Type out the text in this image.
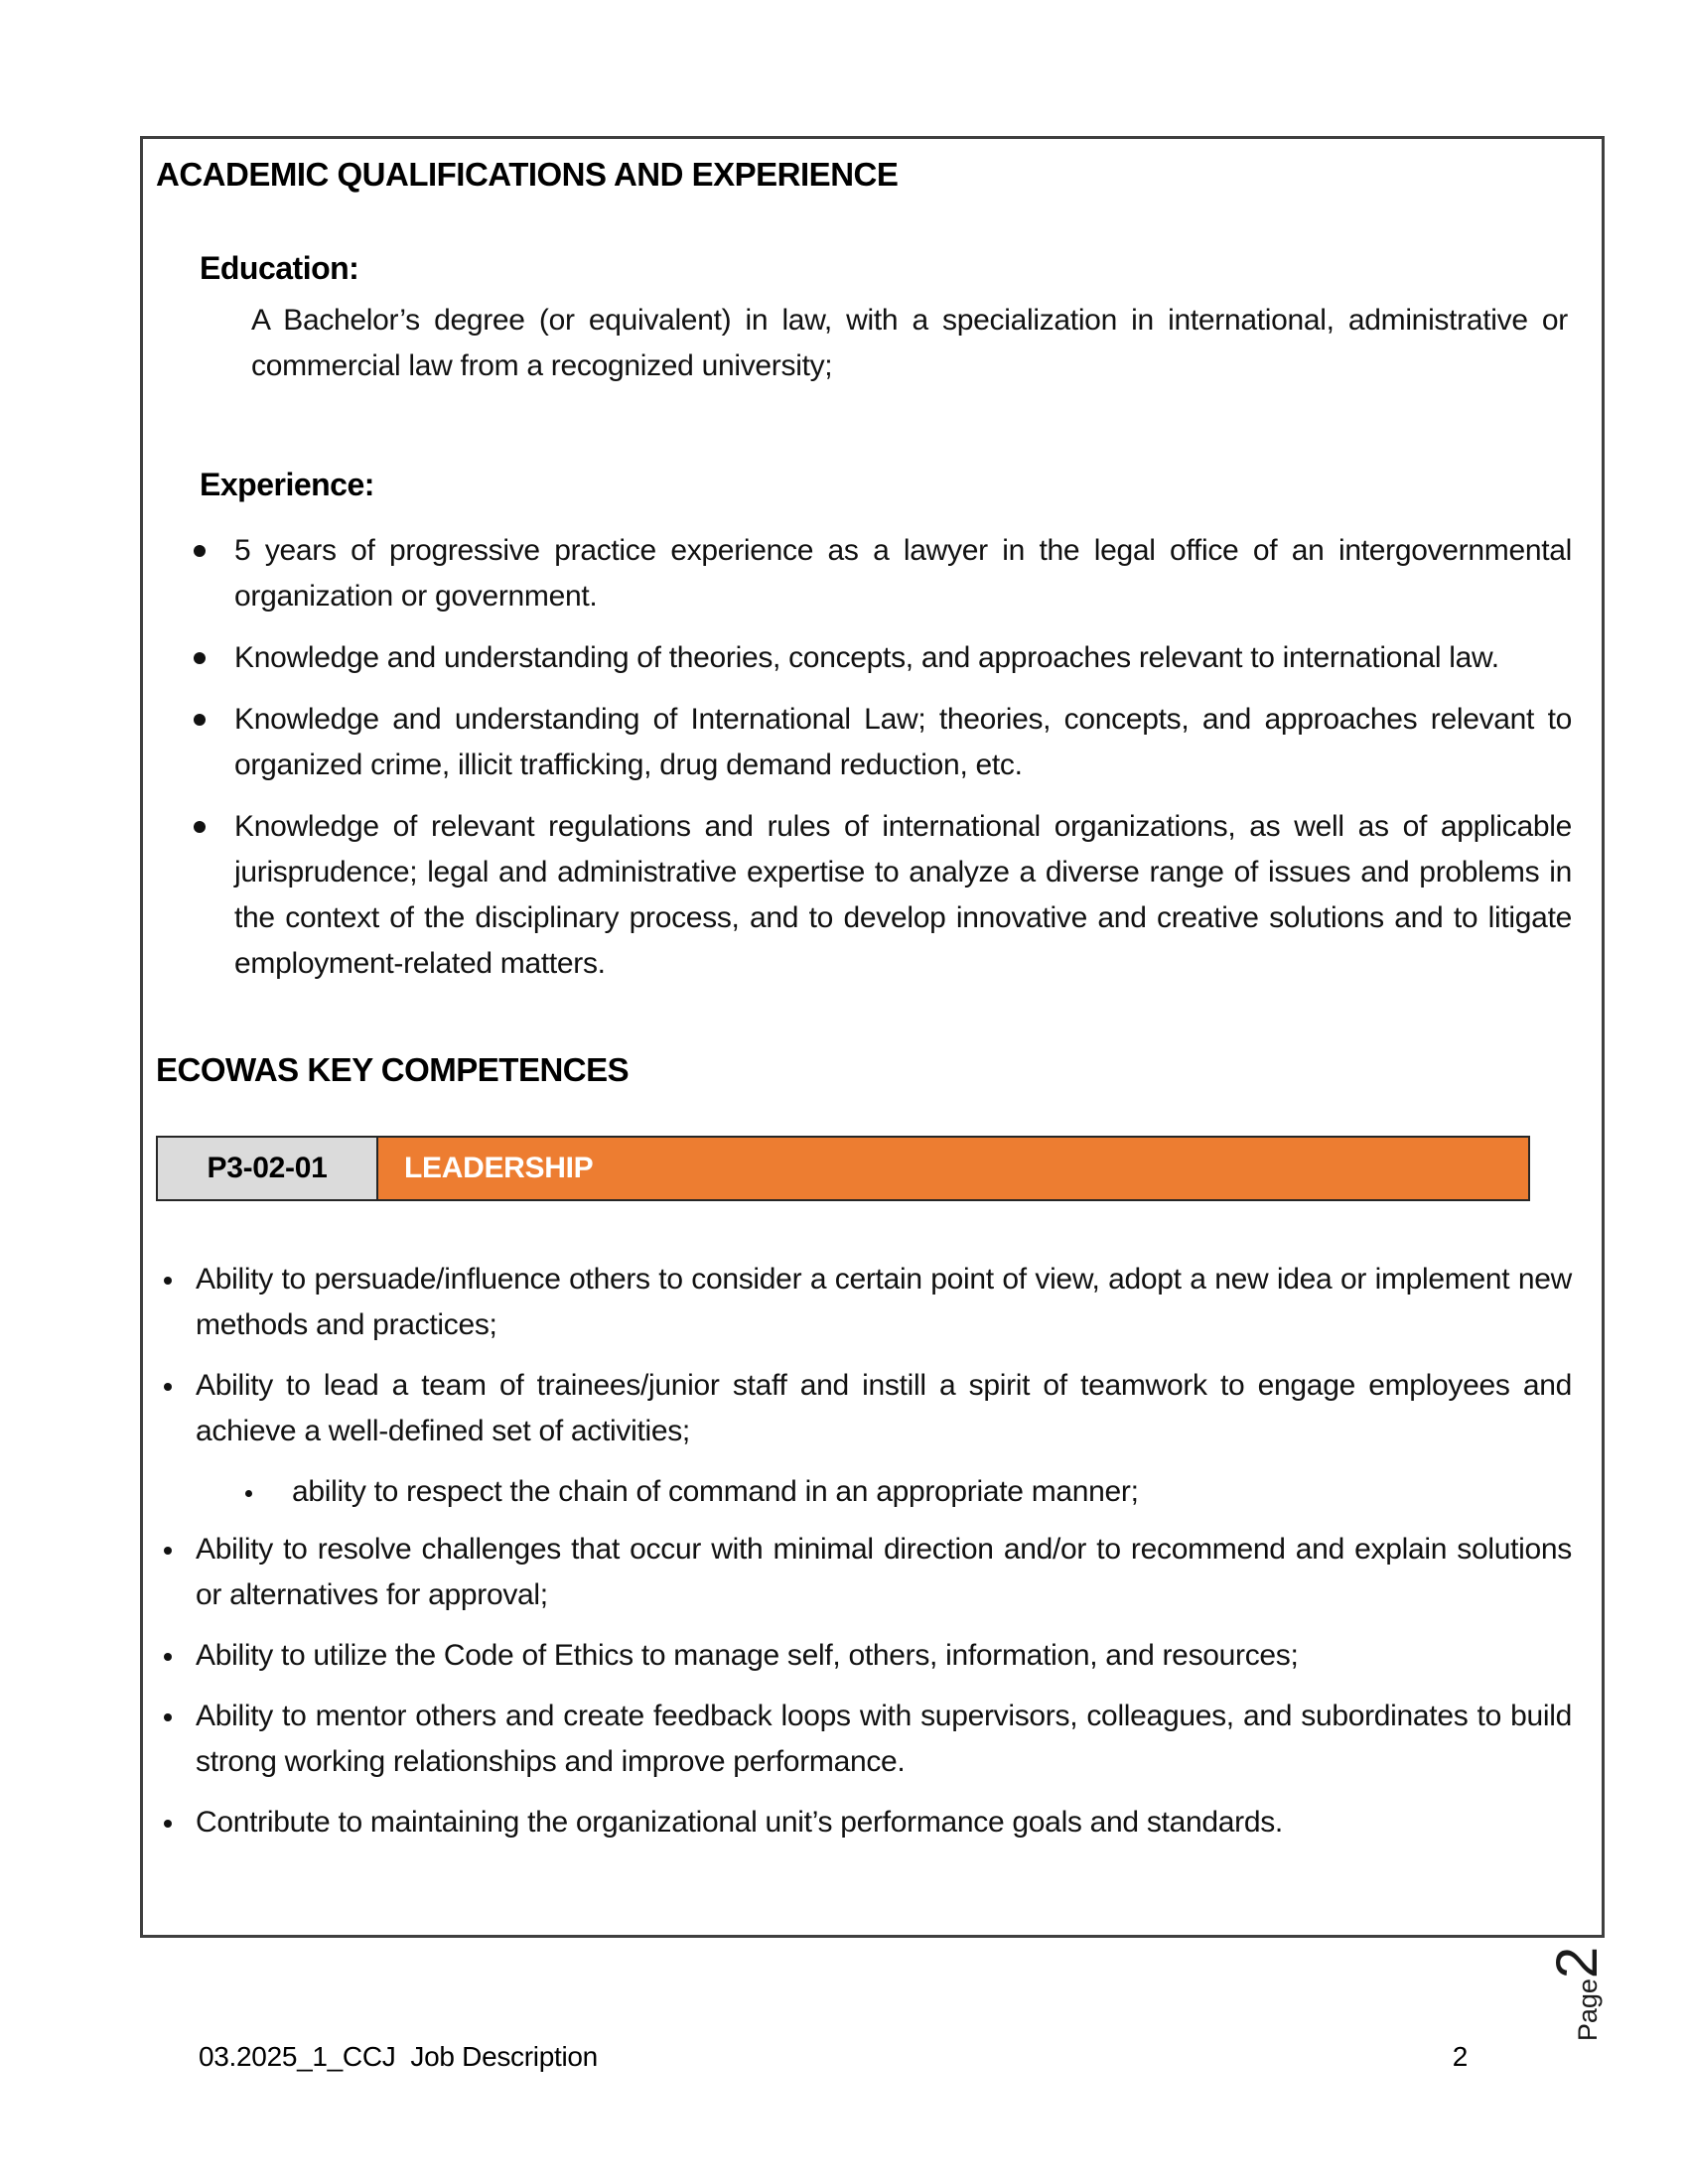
ACADEMIC QUALIFICATIONS AND EXPERIENCE
Education:

A Bachelor’s degree (or equivalent) in law, with a specialization in international, administrative or commercial law from a recognized university;

Experience:
5 years of progressive practice experience as a lawyer in the legal office of an intergovernmental organization or government.
Knowledge and understanding of theories, concepts, and approaches relevant to international law.
Knowledge and understanding of International Law; theories, concepts, and approaches relevant to organized crime, illicit trafficking, drug demand reduction, etc.
Knowledge of relevant regulations and rules of international organizations, as well as of applicable jurisprudence; legal and administrative expertise to analyze a diverse range of issues and problems in the context of the disciplinary process, and to develop innovative and creative solutions and to litigate employment-related matters.
ECOWAS KEY COMPETENCES
P3-02-01	LEADERSHIP
Ability to persuade/influence others to consider a certain point of view, adopt a new idea or implement new methods and practices;
Ability to lead a team of trainees/junior staff and instill a spirit of teamwork to engage employees and achieve a well-defined set of activities;
ability to respect the chain of command in an appropriate manner;
Ability to resolve challenges that occur with minimal direction and/or to recommend and explain solutions or alternatives for approval;
Ability to utilize the Code of Ethics to manage self, others, information, and resources;
Ability to mentor others and create feedback loops with supervisors, colleagues, and subordinates to build strong working relationships and improve performance.
Contribute to maintaining the organizational unit’s performance goals and standards.
Page2
03.2025_1_CCJ  Job Description	2
